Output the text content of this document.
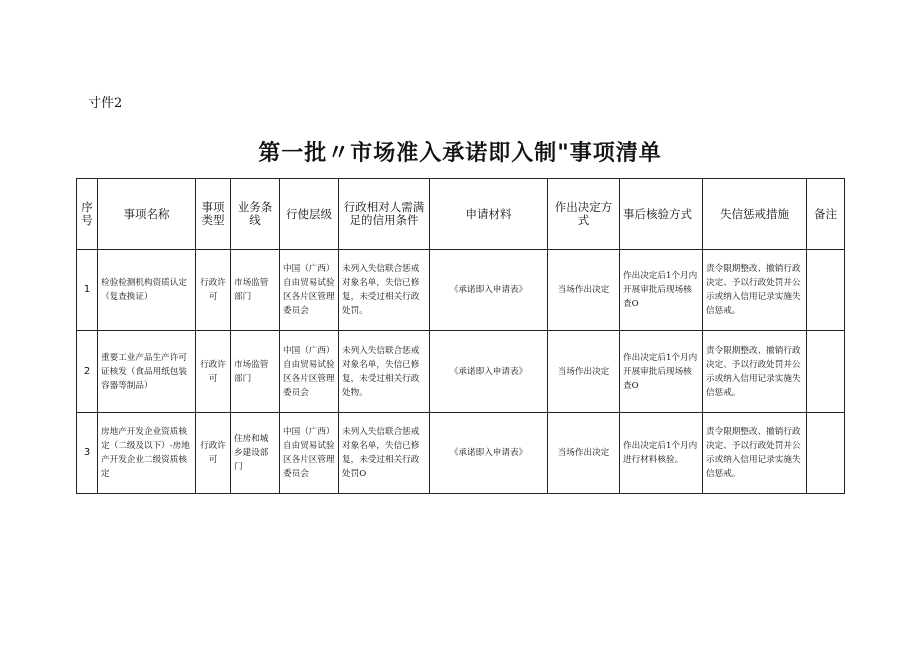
寸件2
第一批〃市场准入承诺即入制"事项清单
序号	事项名称	事项类型	业务条线	行使层级	行政相对人需满足的信用条件	申请材料	作出决定方式	事后核验方式	失信惩戒措施	备注
1	检验检测机构资质认定（复查换证）	行政许可	市场监管部门	中国（广西）自由贸易试验区各片区管理委员会	未列入失信联合惩戒对象名单，失信已修复，未受过相关行政处罚。	《承诺即入申请表》	当场作出决定	作出决定后1个月内开展审批后现场核查O	责令限期整改、撤销行政决定、予以行政处罚并公示或纳入信用记录实施失信惩戒。	
2	重要工业产品生产许可证核发（食品用纸包装容器等制品）	行政许可	市场监管部门	中国（广西）自由贸易试验区各片区管理委员会	未列入失信联合惩戒对象名单，失信已修复，未受过相关行政处物。	《承诺即入申请表》	当场作出决定	作出决定后1个月内开展审批后现场核查O	责令限期整改、撤销行政决定、予以行政处罚并公示或纳入信用记录实施失信惩戒。	
3	房地产开发企业资质核定（二级及以下）-房地产开发企业二级资质核定	行政许可	住房和城乡建设部门	中国（广西）自由贸易试验区各片区管理委员会	未列入失信联合惩戒对象名单，失信已修复，未受过相关行政处罚O	《承诺即入申请表》	当场作出决定	作出决定后1个月内进行材料核验。	责令限期整改、撤销行政决定、予以行政处罚并公示或纳入信用记录实施失信惩戒。	
